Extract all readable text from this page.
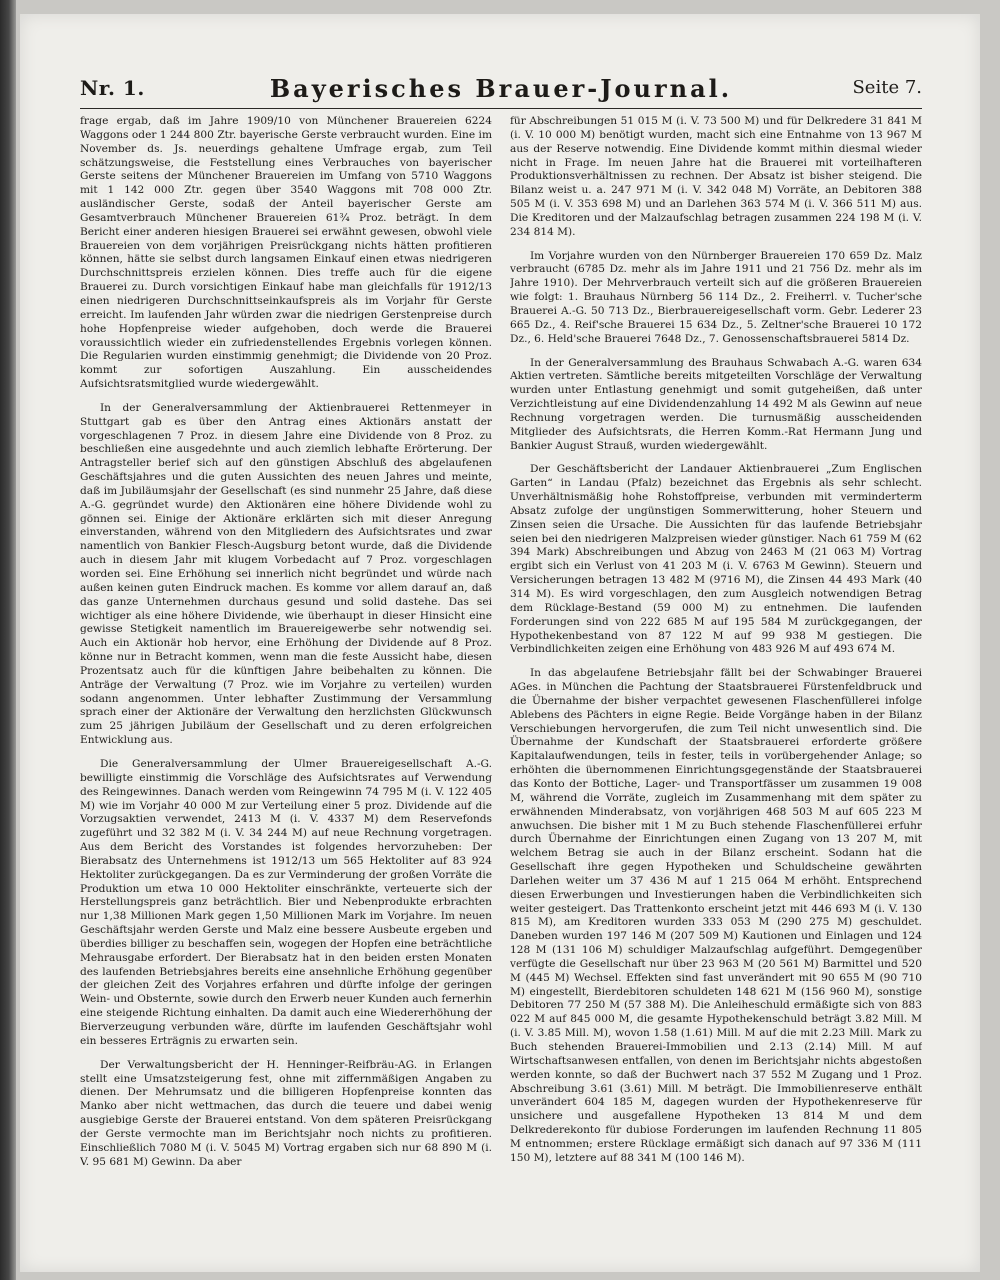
Nr. 1.	Bayerisches Brauer-Journal.	Seite 7.

frage ergab, daß im Jahre 1909/10 von Münchener Brauereien 6224 Waggons oder 1 244 800 Ztr. bayerische Gerste verbraucht wurden. Eine im November ds. Js. neuerdings gehaltene Umfrage ergab, zum Teil schätzungsweise, die Feststellung eines Verbrauches von bayerischer Gerste seitens der Münchener Brauereien im Umfang von 5710 Waggons mit 1 142 000 Ztr. gegen über 3540 Waggons mit 708 000 Ztr. ausländischer Gerste, sodaß der Anteil bayerischer Gerste am Gesamtverbrauch Münchener Brauereien 61¾ Proz. beträgt. In dem Bericht einer anderen hiesigen Brauerei sei erwähnt gewesen, obwohl viele Brauereien von dem vorjährigen Preisrückgang nichts hätten profitieren können, hätte sie selbst durch langsamen Einkauf einen etwas niedrigeren Durchschnittspreis erzielen können. Dies treffe auch für die eigene Brauerei zu. Durch vorsichtigen Einkauf habe man gleichfalls für 1912/13 einen niedrigeren Durchschnittseinkaufspreis als im Vorjahr für Gerste erreicht. Im laufenden Jahr würden zwar die niedrigen Gerstenpreise durch hohe Hopfenpreise wieder aufgehoben, doch werde die Brauerei voraussichtlich wieder ein zufriedenstellendes Ergebnis vorlegen können. Die Regularien wurden einstimmig genehmigt; die Dividende von 20 Proz. kommt zur sofortigen Auszahlung. Ein ausscheidendes Aufsichtsratsmitglied wurde wiedergewählt.

In der Generalversammlung der Aktienbrauerei Rettenmeyer in Stuttgart gab es über den Antrag eines Aktionärs anstatt der vorgeschlagenen 7 Proz. in diesem Jahre eine Dividende von 8 Proz. zu beschließen eine ausgedehnte und auch ziemlich lebhafte Erörterung. Der Antragsteller berief sich auf den günstigen Abschluß des abgelaufenen Geschäftsjahres und die guten Aussichten des neuen Jahres und meinte, daß im Jubiläumsjahr der Gesellschaft (es sind nunmehr 25 Jahre, daß diese A.-G. gegründet wurde) den Aktionären eine höhere Dividende wohl zu gönnen sei. Einige der Aktionäre erklärten sich mit dieser Anregung einverstanden, während von den Mitgliedern des Aufsichtsrates und zwar namentlich von Bankier Flesch-Augsburg betont wurde, daß die Dividende auch in diesem Jahr mit klugem Vorbedacht auf 7 Proz. vorgeschlagen worden sei. Eine Erhöhung sei innerlich nicht begründet und würde nach außen keinen guten Eindruck machen. Es komme vor allem darauf an, daß das ganze Unternehmen durchaus gesund und solid dastehe. Das sei wichtiger als eine höhere Dividende, wie überhaupt in dieser Hinsicht eine gewisse Stetigkeit namentlich im Brauereigewerbe sehr notwendig sei. Auch ein Aktionär hob hervor, eine Erhöhung der Dividende auf 8 Proz. könne nur in Betracht kommen, wenn man die feste Aussicht habe, diesen Prozentsatz auch für die künftigen Jahre beibehalten zu können. Die Anträge der Verwaltung (7 Proz. wie im Vorjahre zu verteilen) wurden sodann angenommen. Unter lebhafter Zustimmung der Versammlung sprach einer der Aktionäre der Verwaltung den herzlichsten Glückwunsch zum 25 jährigen Jubiläum der Gesellschaft und zu deren erfolgreichen Entwicklung aus.

Die Generalversammlung der Ulmer Brauereigesellschaft A.-G. bewilligte einstimmig die Vorschläge des Aufsichtsrates auf Verwendung des Reingewinnes. Danach werden vom Reingewinn 74 795 M (i. V. 122 405 M) wie im Vorjahr 40 000 M zur Verteilung einer 5 proz. Dividende auf die Vorzugsaktien verwendet, 2413 M (i. V. 4337 M) dem Reservefonds zugeführt und 32 382 M (i. V. 34 244 M) auf neue Rechnung vorgetragen. Aus dem Bericht des Vorstandes ist folgendes hervorzuheben: Der Bierabsatz des Unternehmens ist 1912/13 um 565 Hektoliter auf 83 924 Hektoliter zurückgegangen. Da es zur Verminderung der großen Vorräte die Produktion um etwa 10 000 Hektoliter einschränkte, verteuerte sich der Herstellungspreis ganz beträchtlich. Bier und Nebenprodukte erbrachten nur 1,38 Millionen Mark gegen 1,50 Millionen Mark im Vorjahre. Im neuen Geschäftsjahr werden Gerste und Malz eine bessere Ausbeute ergeben und überdies billiger zu beschaffen sein, wogegen der Hopfen eine beträchtliche Mehrausgabe erfordert. Der Bierabsatz hat in den beiden ersten Monaten des laufenden Betriebsjahres bereits eine ansehnliche Erhöhung gegenüber der gleichen Zeit des Vorjahres erfahren und dürfte infolge der geringen Wein- und Obsternte, sowie durch den Erwerb neuer Kunden auch fernerhin eine steigende Richtung einhalten. Da damit auch eine Wiedererhöhung der Bierverzeugung verbunden wäre, dürfte im laufenden Geschäftsjahr wohl ein besseres Erträgnis zu erwarten sein.

Der Verwaltungsbericht der H. Henninger-Reifbräu-AG. in Erlangen stellt eine Umsatzsteigerung fest, ohne mit ziffernmäßigen Angaben zu dienen. Der Mehrumsatz und die billigeren Hopfenpreise konnten das Manko aber nicht wettmachen, das durch die teuere und dabei wenig ausgiebige Gerste der Brauerei entstand. Von dem späteren Preisrückgang der Gerste vermochte man im Berichtsjahr noch nichts zu profitieren. Einschließlich 7080 M (i. V. 5045 M) Vortrag ergaben sich nur 68 890 M (i. V. 95 681 M) Gewinn. Da aber

für Abschreibungen 51 015 M (i. V. 73 500 M) und für Delkredere 31 841 M (i. V. 10 000 M) benötigt wurden, macht sich eine Entnahme von 13 967 M aus der Reserve notwendig. Eine Dividende kommt mithin diesmal wieder nicht in Frage. Im neuen Jahre hat die Brauerei mit vorteilhafteren Produktionsverhältnissen zu rechnen. Der Absatz ist bisher steigend. Die Bilanz weist u. a. 247 971 M (i. V. 342 048 M) Vorräte, an Debitoren 388 505 M (i. V. 353 698 M) und an Darlehen 363 574 M (i. V. 366 511 M) aus. Die Kreditoren und der Malzaufschlag betragen zusammen 224 198 M (i. V. 234 814 M).

Im Vorjahre wurden von den Nürnberger Brauereien 170 659 Dz. Malz verbraucht (6785 Dz. mehr als im Jahre 1911 und 21 756 Dz. mehr als im Jahre 1910). Der Mehrverbrauch verteilt sich auf die größeren Brauereien wie folgt: 1. Brauhaus Nürnberg 56 114 Dz., 2. Freiherrl. v. Tucher'sche Brauerei A.-G. 50 713 Dz., Bierbrauereigesellschaft vorm. Gebr. Lederer 23 665 Dz., 4. Reif'sche Brauerei 15 634 Dz., 5. Zeltner'sche Brauerei 10 172 Dz., 6. Held'sche Brauerei 7648 Dz., 7. Genossenschaftsbrauerei 5814 Dz.

In der Generalversammlung des Brauhaus Schwabach A.-G. waren 634 Aktien vertreten. Sämtliche bereits mitgeteilten Vorschläge der Verwaltung wurden unter Entlastung genehmigt und somit gutgeheißen, daß unter Verzichtleistung auf eine Dividendenzahlung 14 492 M als Gewinn auf neue Rechnung vorgetragen werden. Die turnusmäßig ausscheidenden Mitglieder des Aufsichtsrats, die Herren Komm.-Rat Hermann Jung und Bankier August Strauß, wurden wiedergewählt.

Der Geschäftsbericht der Landauer Aktienbrauerei „Zum Englischen Garten“ in Landau (Pfalz) bezeichnet das Ergebnis als sehr schlecht. Unverhältnismäßig hohe Rohstoffpreise, verbunden mit verminderterm Absatz zufolge der ungünstigen Sommerwitterung, hoher Steuern und Zinsen seien die Ursache. Die Aussichten für das laufende Betriebsjahr seien bei den niedrigeren Malzpreisen wieder günstiger. Nach 61 759 M (62 394 Mark) Abschreibungen und Abzug von 2463 M (21 063 M) Vortrag ergibt sich ein Verlust von 41 203 M (i. V. 6763 M Gewinn). Steuern und Versicherungen betragen 13 482 M (9716 M), die Zinsen 44 493 Mark (40 314 M). Es wird vorgeschlagen, den zum Ausgleich notwendigen Betrag dem Rücklage-Bestand (59 000 M) zu entnehmen. Die laufenden Forderungen sind von 222 685 M auf 195 584 M zurückgegangen, der Hypothekenbestand von 87 122 M auf 99 938 M gestiegen. Die Verbindlichkeiten zeigen eine Erhöhung von 483 926 M auf 493 674 M.

In das abgelaufene Betriebsjahr fällt bei der Schwabinger Brauerei AGes. in München die Pachtung der Staatsbrauerei Fürstenfeldbruck und die Übernahme der bisher verpachtet gewesenen Flaschenfüllerei infolge Ablebens des Pächters in eigne Regie. Beide Vorgänge haben in der Bilanz Verschiebungen hervorgerufen, die zum Teil nicht unwesentlich sind. Die Übernahme der Kundschaft der Staatsbrauerei erforderte größere Kapitalaufwendungen, teils in fester, teils in vorübergehender Anlage; so erhöhten die übernommenen Einrichtungsgegenstände der Staatsbrauerei das Konto der Bottiche, Lager- und Transportfässer um zusammen 19 008 M, während die Vorräte, zugleich im Zusammenhang mit dem später zu erwähnenden Minderabsatz, von vorjährigen 468 503 M auf 605 223 M anwuchsen. Die bisher mit 1 M zu Buch stehende Flaschenfüllerei erfuhr durch Übernahme der Einrichtungen einen Zugang von 13 207 M, mit welchem Betrag sie auch in der Bilanz erscheint. Sodann hat die Gesellschaft ihre gegen Hypotheken und Schuldscheine gewährten Darlehen weiter um 37 436 M auf 1 215 064 M erhöht. Entsprechend diesen Erwerbungen und Investierungen haben die Verbindlichkeiten sich weiter gesteigert. Das Trattenkonto erscheint jetzt mit 446 693 M (i. V. 130 815 M), am Kreditoren wurden 333 053 M (290 275 M) geschuldet. Daneben wurden 197 146 M (207 509 M) Kautionen und Einlagen und 124 128 M (131 106 M) schuldiger Malzaufschlag aufgeführt. Demgegenüber verfügte die Gesellschaft nur über 23 963 M (20 561 M) Barmittel und 520 M (445 M) Wechsel. Effekten sind fast unverändert mit 90 655 M (90 710 M) eingestellt, Bierdebitoren schuldeten 148 621 M (156 960 M), sonstige Debitoren 77 250 M (57 388 M). Die Anleiheschuld ermäßigte sich von 883 022 M auf 845 000 M, die gesamte Hypothekenschuld beträgt 3.82 Mill. M (i. V. 3.85 Mill. M), wovon 1.58 (1.61) Mill. M auf die mit 2.23 Mill. Mark zu Buch stehenden Brauerei-Immobilien und 2.13 (2.14) Mill. M auf Wirtschaftsanwesen entfallen, von denen im Berichtsjahr nichts abgestoßen werden konnte, so daß der Buchwert nach 37 552 M Zugang und 1 Proz. Abschreibung 3.61 (3.61) Mill. M beträgt. Die Immobilienreserve enthält unverändert 604 185 M, dagegen wurden der Hypothekenreserve für unsichere und ausgefallene Hypotheken 13 814 M und dem Delkrederekonto für dubiose Forderungen im laufenden Rechnung 11 805 M entnommen; erstere Rücklage ermäßigt sich danach auf 97 336 M (111 150 M), letztere auf 88 341 M (100 146 M).
